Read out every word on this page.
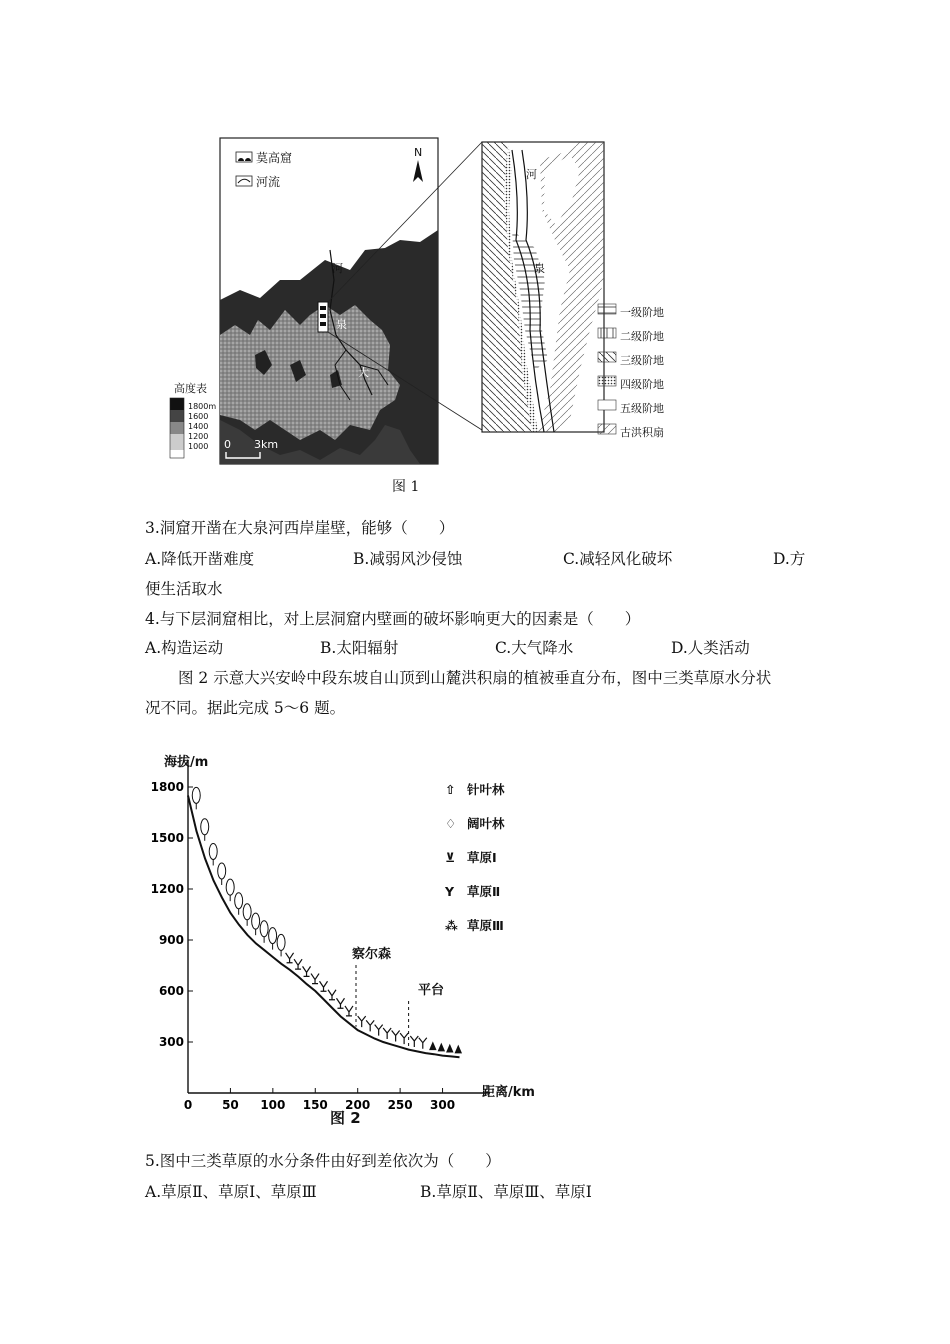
莫高窟
河流
N
河
泉
大
高度表
1800m
1600
1400
1200
1000	0 3km
河
泉
一级阶地
二级阶地
三级阶地
四级阶地
五级阶地
古洪积扇
图 1
3.洞窟开凿在大泉河西岸崖壁，能够（　　）
A.降低开凿难度	B.减弱风沙侵蚀	C.减轻风化破坏	D.方
便生活取水
4.与下层洞窟相比，对上层洞窟内壁画的破坏影响更大的因素是（　　）
A.构造运动	B.太阳辐射	C.大气降水	D.人类活动
图 2 示意大兴安岭中段东坡自山顶到山麓洪积扇的植被垂直分布，图中三类草原水分状
况不同。据此完成 5～6 题。
0 50 100 150 200 250 300
300
600
900
1200
1500
1800
海拔/m
距离/km
图 2
察尔森
平台
⇧ 针叶林
♢ 阔叶林
⊻ 草原Ⅰ
Y 草原Ⅱ
⁂ 草原Ⅲ
5.图中三类草原的水分条件由好到差依次为（　　）
A.草原Ⅱ、草原Ⅰ、草原Ⅲ	B.草原Ⅱ、草原Ⅲ、草原Ⅰ
